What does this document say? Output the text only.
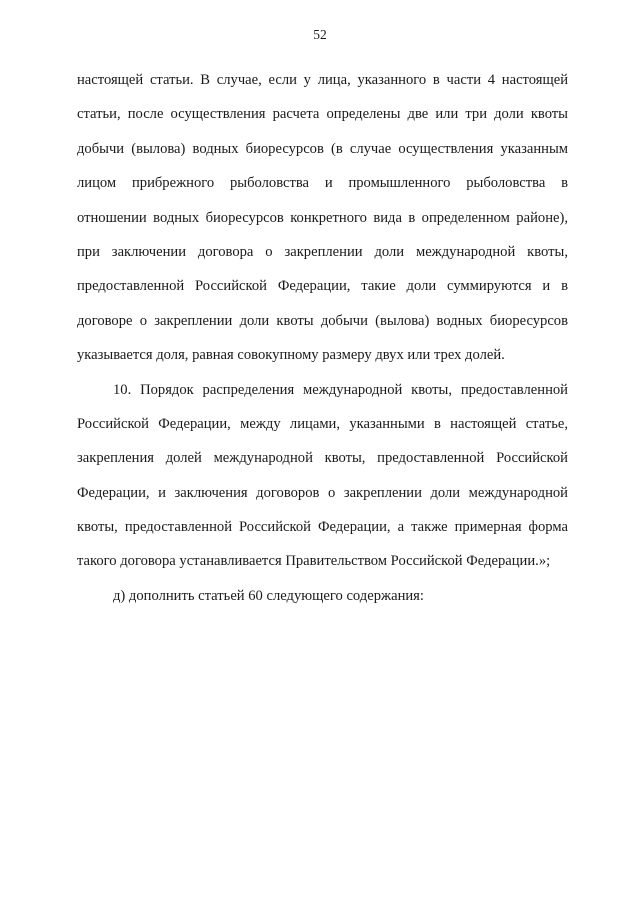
52
настоящей статьи. В случае, если у лица, указанного в части 4 настоящей
статьи, после осуществления расчета определены две или три доли квоты
добычи (вылова) водных биоресурсов (в случае осуществления указанным
лицом прибрежного рыболовства и промышленного рыболовства в
отношении водных биоресурсов конкретного вида в определенном районе),
при заключении договора о закреплении доли международной квоты,
предоставленной Российской Федерации, такие доли суммируются и в
договоре о закреплении доли квоты добычи (вылова) водных биоресурсов
указывается доля, равная совокупному размеру двух или трех долей.
10. Порядок распределения международной квоты, предоставленной
Российской Федерации, между лицами, указанными в настоящей статье,
закрепления долей международной квоты, предоставленной Российской
Федерации, и заключения договоров о закреплении доли международной
квоты, предоставленной Российской Федерации, а также примерная форма
такого договора устанавливается Правительством Российской Федерации.»;
д) дополнить статьей 60 следующего содержания:
